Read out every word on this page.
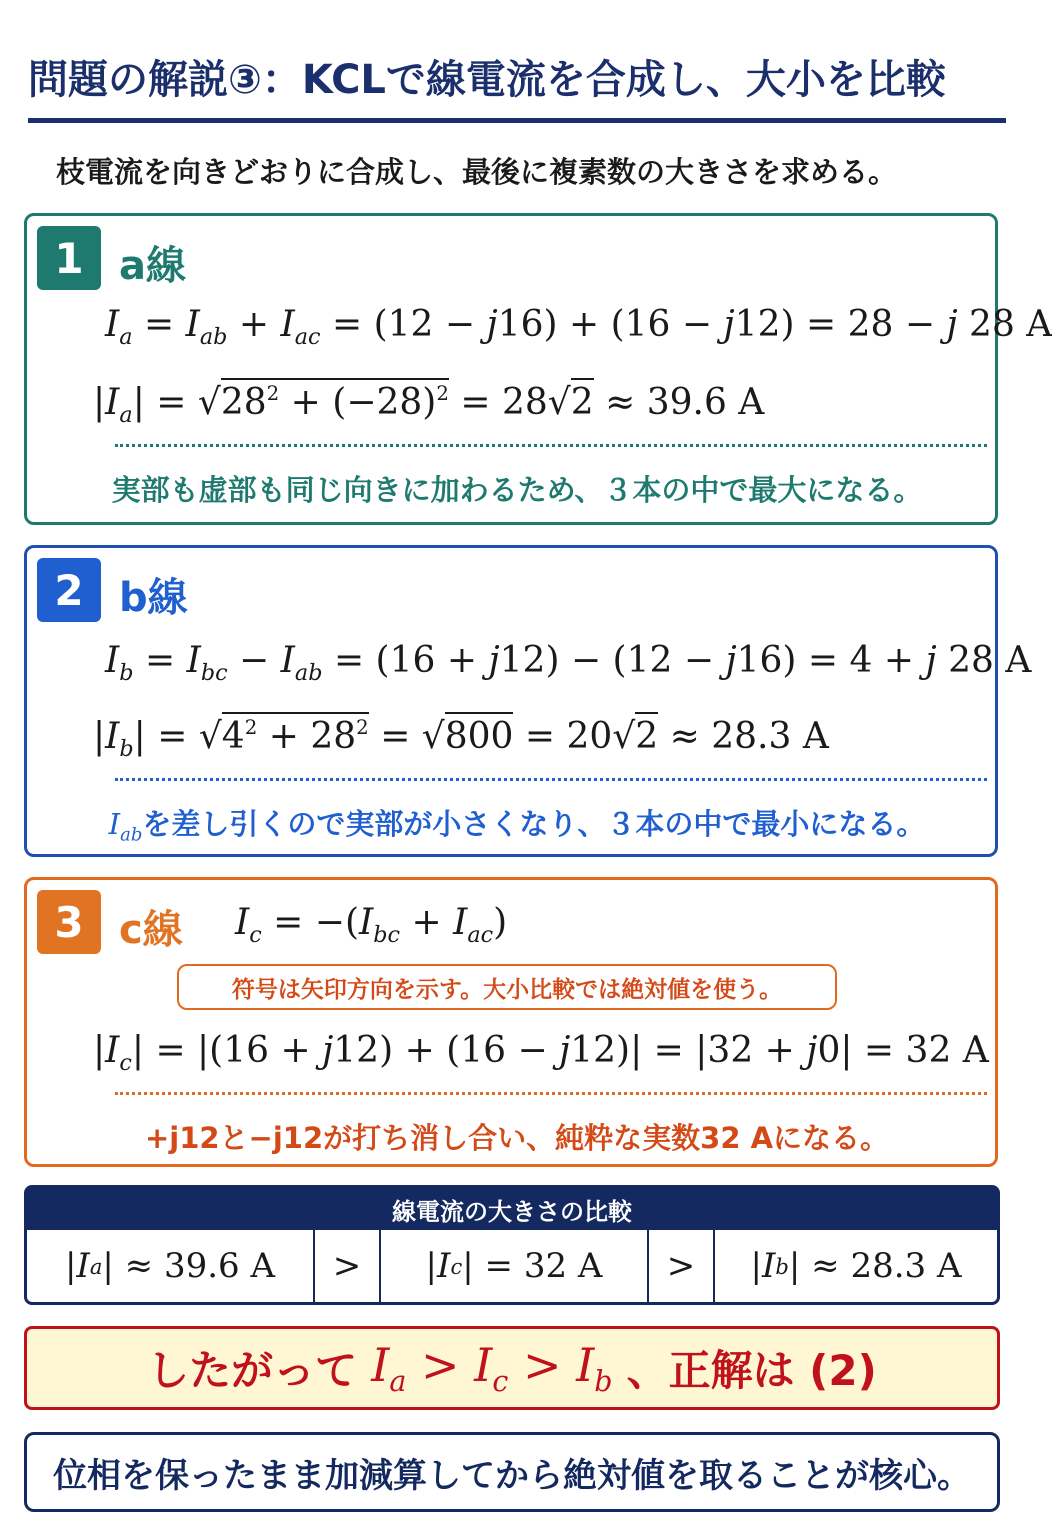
問題の解説③：KCLで線電流を合成し、大小を比較
枝電流を向きどおりに合成し、最後に複素数の大きさを求める。
1 a線
$I_a = I_{ab} + I_{ac} = (12 - j16) + (16 - j12) = 28 - j$ 28 A
$|I_a| = √28^2 + (-28)^2 = 28√2 \approx 39.6$ A
実部も虚部も同じ向きに加わるため、３本の中で最大になる。
2 b線
$I_b = I_{bc} - I_{ab} = (16 + j12) - (12 - j16) = 4 + j$ 28 A
$|I_b| = √4^2 + 28^2 = √800 = 20√2 \approx 28.3$ A
$I_{ab}$を差し引くので実部が小さくなり、３本の中で最小になる。
3 c線 $I_c = -(I_{bc} + I_{ac})$
符号は矢印方向を示す。大小比較では絶対値を使う。
$|I_c| = |(16 + j12) + (16 - j12)| = |32 + j0| = 32$ A
+j12と−j12が打ち消し合い、純粋な実数32 Aになる。
線電流の大きさの比較
| I a | ≈ 39.6 A	>	| I c | = 32 A	>	| I b | ≈ 28.3 A
したがって $I_a > I_c > I_b$ 、正解は (2)
位相を保ったまま加減算してから絶対値を取ることが核心。
